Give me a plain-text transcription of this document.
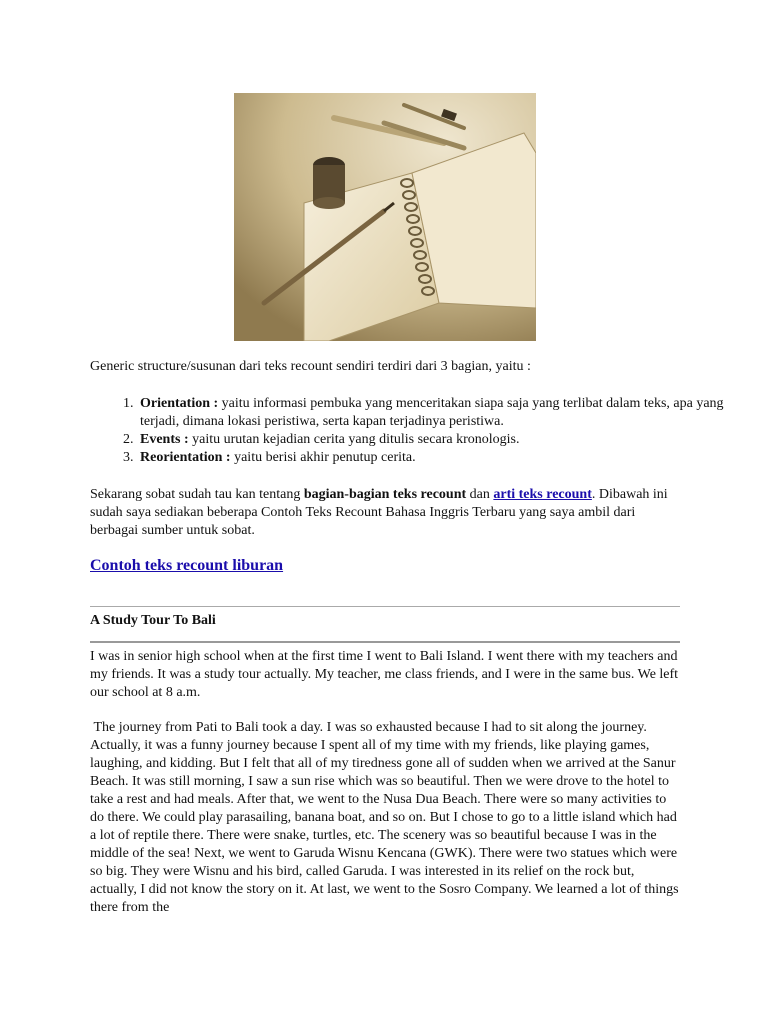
Generic structure/susunan dari teks recount sendiri terdiri dari 3 bagian, yaitu :
1. Orientation : yaitu informasi pembuka yang menceritakan siapa saja yang terlibat dalam teks, apa yang terjadi, dimana lokasi peristiwa, serta kapan terjadinya peristiwa.
2. Events : yaitu urutan kejadian cerita yang ditulis secara kronologis.
3. Reorientation : yaitu berisi akhir penutup cerita.
Sekarang sobat sudah tau kan tentang bagian-bagian teks recount dan arti teks recount. Dibawah ini sudah saya sediakan beberapa Contoh Teks Recount Bahasa Inggris Terbaru yang saya ambil dari berbagai sumber untuk sobat.
Contoh teks recount liburan
A Study Tour To Bali
I was in senior high school when at the first time I went to Bali Island. I went there with my teachers and my friends. It was a study tour actually. My teacher, me class friends, and I were in the same bus. We left our school at 8 a.m.
The journey from Pati to Bali took a day. I was so exhausted because I had to sit along the journey. Actually, it was a funny journey because I spent all of my time with my friends, like playing games, laughing, and kidding. But I felt that all of my tiredness gone all of sudden when we arrived at the Sanur Beach. It was still morning, I saw a sun rise which was so beautiful. Then we were drove to the hotel to take a rest and had meals. After that, we went to the Nusa Dua Beach. There were so many activities to do there. We could play parasailing, banana boat, and so on. But I chose to go to a little island which had a lot of reptile there. There were snake, turtles, etc. The scenery was so beautiful because I was in the middle of the sea! Next, we went to Garuda Wisnu Kencana (GWK). There were two statues which were so big. They were Wisnu and his bird, called Garuda. I was interested in its relief on the rock but, actually, I did not know the story on it. At last, we went to the Sosro Company. We learned a lot of things there from the
